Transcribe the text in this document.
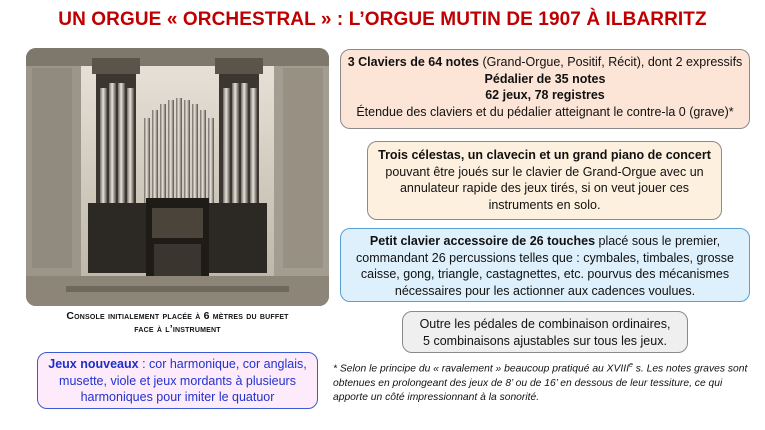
UN ORGUE « ORCHESTRAL » : L’ORGUE MUTIN DE 1907 À ILBARRITZ
Console initialement placée à 6 mètres du buffet
face à l’instrument
3 Claviers de 64 notes (Grand-Orgue, Positif, Récit), dont 2 expressifs
Pédalier de 35 notes
62 jeux, 78 registres
Étendue des claviers et du pédalier atteignant le contre-la 0 (grave)*
Trois célestas, un clavecin et un grand piano de concert pouvant être joués sur le clavier de Grand-Orgue avec un annulateur rapide des jeux tirés, si on veut jouer ces instruments en solo.
Petit clavier accessoire de 26 touches placé sous le premier, commandant 26 percussions telles que : cymbales, timbales, grosse caisse, gong, triangle, castagnettes, etc. pourvus des mécanismes nécessaires pour les actionner aux cadences voulues.
Outre les pédales de combinaison ordinaires,
5 combinaisons ajustables sur tous les jeux.
Jeux nouveaux : cor harmonique, cor anglais, musette, viole et jeux mordants à plusieurs harmoniques pour imiter le quatuor
* Selon le principe du « ravalement » beaucoup pratiqué au XVIIIe s. Les notes graves sont obtenues en prolongeant des jeux de 8’ ou de 16’ en dessous de leur tessiture, ce qui apporte un côté impressionnant à la sonorité.
